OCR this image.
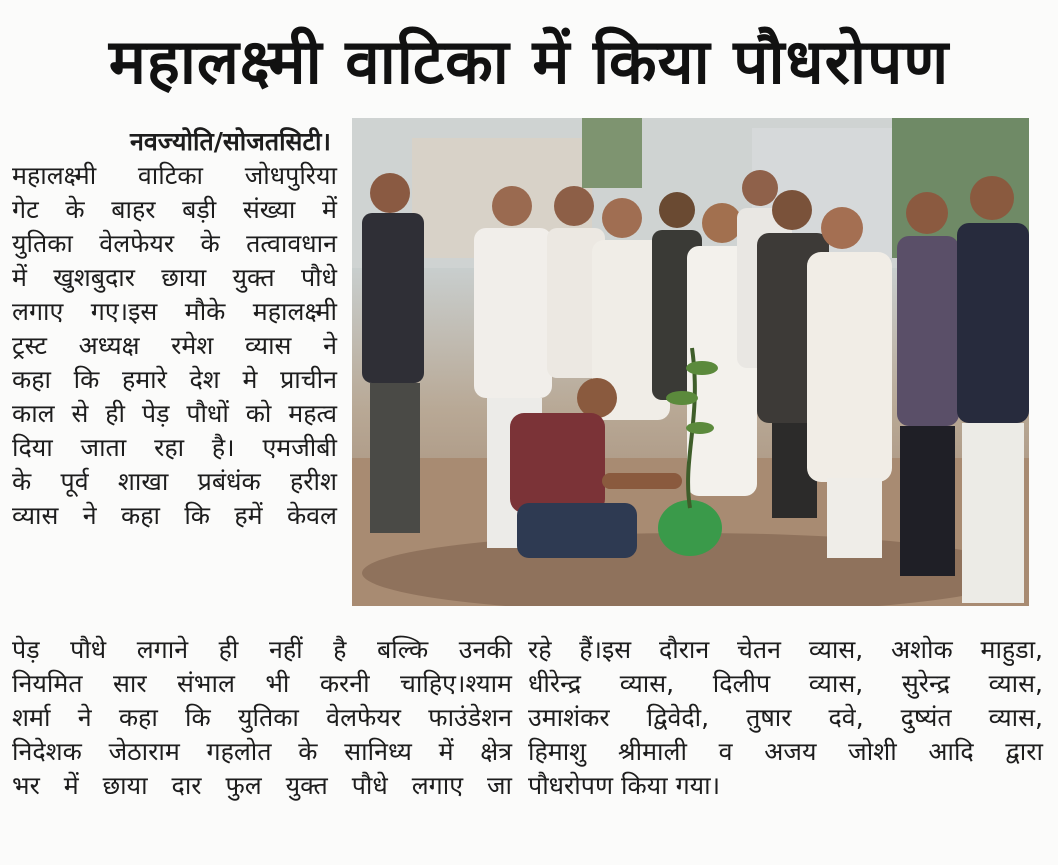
महालक्ष्मी वाटिका में किया पौधरोपण
नवज्योति/सोजतसिटी।
महालक्ष्मी वाटिका जोधपुरिया
गेट के बाहर बड़ी संख्या में
युतिका वेलफेयर के तत्वावधान
में खुशबुदार छाया युक्त पौधे
लगाए गए।इस मौके महालक्ष्मी
ट्रस्ट अध्यक्ष रमेश व्यास ने
कहा कि हमारे देश मे प्राचीन
काल से ही पेड़ पौधों को महत्व
दिया जाता रहा है। एमजीबी
के पूर्व शाखा प्रबंधंक हरीश
व्यास ने कहा कि हमें केवल
पेड़ पौधे लगाने ही नहीं है बल्कि उनकी
नियमित सार संभाल भी करनी चाहिए।श्याम
शर्मा ने कहा कि युतिका वेलफेयर फाउंडेशन
निदेशक जेठाराम गहलोत के सानिध्य में क्षेत्र
भर में छाया दार फुल युक्त पौधे लगाए जा
रहे हैं।इस दौरान चेतन व्यास, अशोक माहुडा,
धीरेन्द्र व्यास, दिलीप व्यास, सुरेन्द्र व्यास,
उमाशंकर द्विवेदी, तुषार दवे, दुष्यंत व्यास,
हिमाशु श्रीमाली व अजय जोशी आदि द्वारा
पौधरोपण किया गया।
